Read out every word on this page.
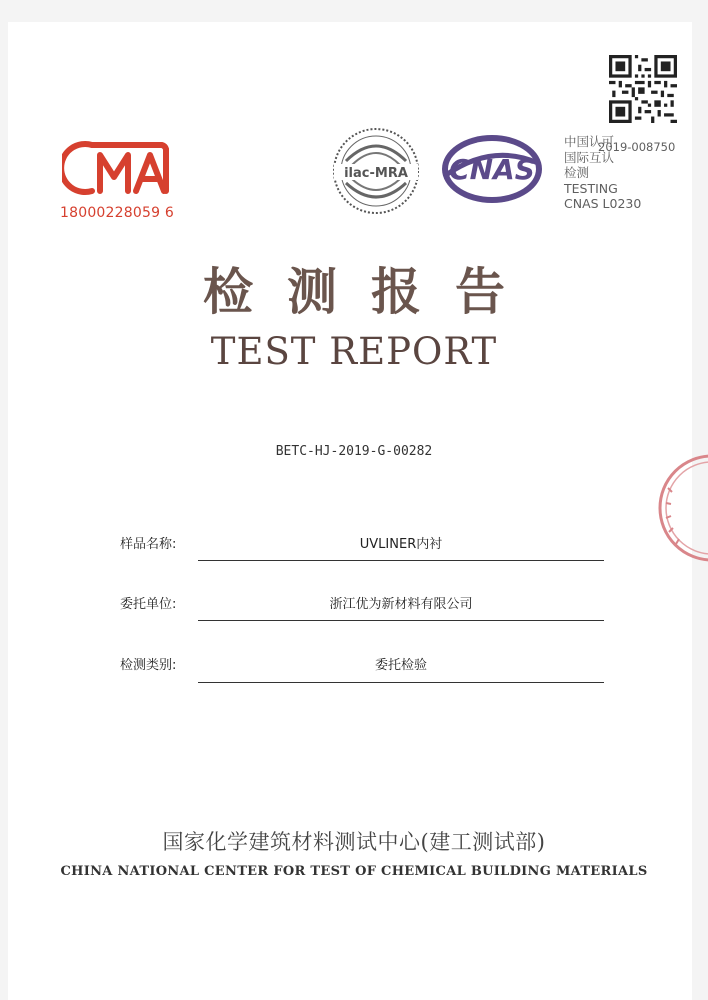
18000228059 6
ilac-MRA CNAS
中国认可
国际互认
检测
TESTING
CNAS L0230
2019-008750
检测报告
TEST REPORT
BETC-HJ-2019-G-00282
样品名称:	UVLINER内衬
委托单位:	浙江优为新材料有限公司
检测类别:	委托检验
国家化学建筑材料测试中心(建工测试部)
CHINA NATIONAL CENTER FOR TEST OF CHEMICAL BUILDING MATERIALS
